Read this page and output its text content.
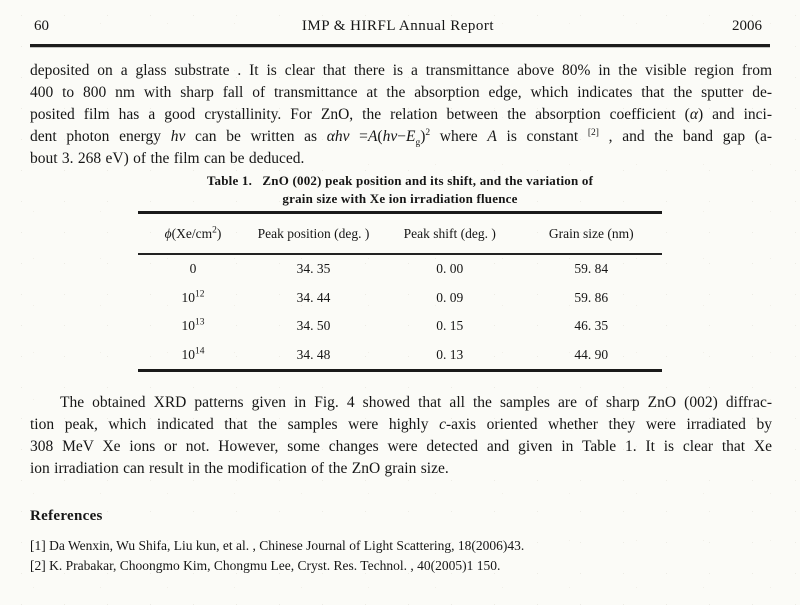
60	IMP & HIRFL Annual Report	2006
deposited on a glass substrate . It is clear that there is a transmittance above 80% in the visible region from
400 to 800 nm with sharp fall of transmittance at the absorption edge, which indicates that the sputter de-
posited film has a good crystallinity. For ZnO, the relation between the absorption coefficient (α) and inci-
dent photon energy hν can be written as $\alpha h\nu =A(h\nu-E_g)^2$ where A is constant [2] , and the band gap (a-
bout 3. 268 eV) of the film can be deduced.
Table 1.   ZnO (002) peak position and its shift, and the variation of
grain size with Xe ion irradiation fluence
$\phi(Xe/cm^2)$	Peak position (deg. )	Peak shift (deg. )	Grain size (nm)
0	34. 35	0. 00	59. 84
$10^{12}$	34. 44	0. 09	59. 86
$10^{13}$	34. 50	0. 15	46. 35
$10^{14}$	34. 48	0. 13	44. 90
The obtained XRD patterns given in Fig. 4 showed that all the samples are of sharp ZnO (002) diffrac-
tion peak, which indicated that the samples were highly c-axis oriented whether they were irradiated by
308 MeV Xe ions or not. However, some changes were detected and given in Table 1. It is clear that Xe
ion irradiation can result in the modification of the ZnO grain size.
References
[1] Da Wenxin, Wu Shifa, Liu kun, et al. , Chinese Journal of Light Scattering, 18(2006)43.
[2] K. Prabakar, Choongmo Kim, Chongmu Lee, Cryst. Res. Technol. , 40(2005)1 150.
